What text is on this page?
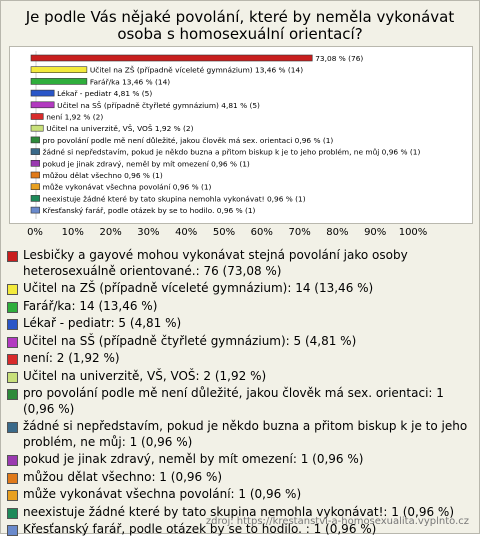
Je podle Vás nějaké povolání, které by neměla vykonávat osoba s homosexuální orientací?
73,08 % (76)
Učitel na ZŠ (případně víceleté gymnázium) 13,46 % (14)
Farář/ka 13,46 % (14)
Lékař - pediatr 4,81 % (5)
Učitel na SŠ (případně čtyřleté gymnázium) 4,81 % (5)
není 1,92 % (2)
Učitel na univerzitě, VŠ, VOŠ 1,92 % (2)
pro povolání podle mě není důležité, jakou člověk má sex. orientaci 0,96 % (1)
žádné si nepředstavím, pokud je někdo buzna a přitom biskup k je to jeho problém, ne můj 0,96 % (1)
pokud je jinak zdravý, neměl by mít omezení 0,96 % (1)
můžou dělat všechno 0,96 % (1)
může vykonávat všechna povolání 0,96 % (1)
neexistuje žádné které by tato skupina nemohla vykonávat! 0,96 % (1)
Křesťanský farář, podle otázek by se to hodilo. 0,96 % (1)
0% 10% 20% 30% 40% 50% 60% 70% 80% 90% 100%
Lesbičky a gayové mohou vykonávat stejná povolání jako osoby heterosexuálně orientované.: 76 (73,08 %)
Učitel na ZŠ (případně víceleté gymnázium): 14 (13,46 %)
Farář/ka: 14 (13,46 %)
Lékař - pediatr: 5 (4,81 %)
Učitel na SŠ (případně čtyřleté gymnázium): 5 (4,81 %)
není: 2 (1,92 %)
Učitel na univerzitě, VŠ, VOŠ: 2 (1,92 %)
pro povolání podle mě není důležité, jakou člověk má sex. orientaci: 1 (0,96 %)
žádné si nepředstavím, pokud je někdo buzna a přitom biskup k je to jeho problém, ne můj: 1 (0,96 %)
pokud je jinak zdravý, neměl by mít omezení: 1 (0,96 %)
můžou dělat všechno: 1 (0,96 %)
může vykonávat všechna povolání: 1 (0,96 %)
neexistuje žádné které by tato skupina nemohla vykonávat!: 1 (0,96 %)
Křesťanský farář, podle otázek by se to hodilo. : 1 (0,96 %)
zdroj: https://krestanstvi-a-homosexualita.vyplnto.cz
